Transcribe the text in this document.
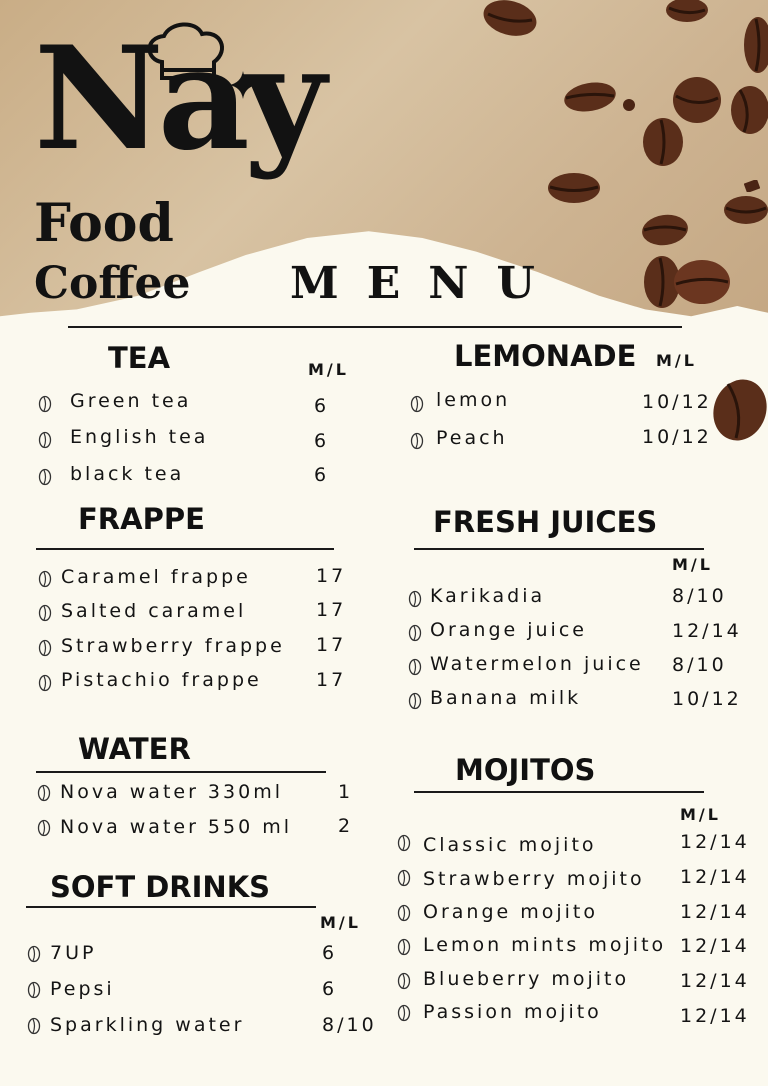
Nay
Food
Coffee MENU
TEA	M/L
Green tea	6
English tea	6
black tea	6
LEMONADE M/L
lemon	10/12
Peach	10/12
FRAPPE
Caramel frappe	17
Salted caramel	17
Strawberry frappe 17
Pistachio frappe	17
FRESH JUICES
M/L
Karikadia	8/10
Orange juice	12/14
Watermelon juice 8/10
Banana milk	10/12
WATER
Nova water 330ml	1
Nova water 550 ml 2
MOJITOS
M/L
Classic mojito	12/14
Strawberry mojito 12/14
Orange mojito	12/14
Lemon mints mojito 12/14
Blueberry mojito	12/14
Passion mojito	12/14
SOFT DRINKS
M/L
7UP	6
Pepsi	6
Sparkling water	8/10
